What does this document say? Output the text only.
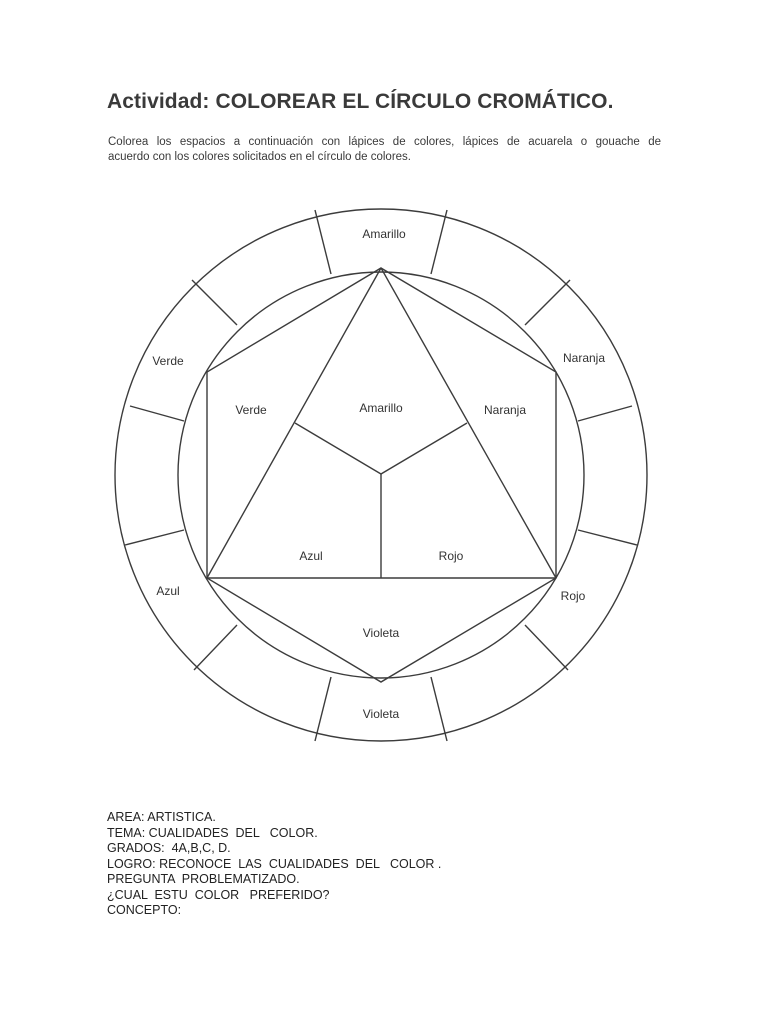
Actividad: COLOREAR EL CÍRCULO CROMÁTICO.

Colorea los espacios a continuación con lápices de colores, lápices de acuarela o gouache de
acuerdo con los colores solicitados en el círculo de colores.

Amarillo
Naranja
Rojo
Violeta
Azul
Verde
Verde	Amarillo	Naranja
Azul	Rojo
Violeta
AREA: ARTISTICA.
TEMA: CUALIDADES  DEL   COLOR.
GRADOS:  4A,B,C, D.
LOGRO: RECONOCE  LAS  CUALIDADES  DEL   COLOR .
PREGUNTA  PROBLEMATIZADO.
¿CUAL  ESTU  COLOR   PREFERIDO?
CONCEPTO:
